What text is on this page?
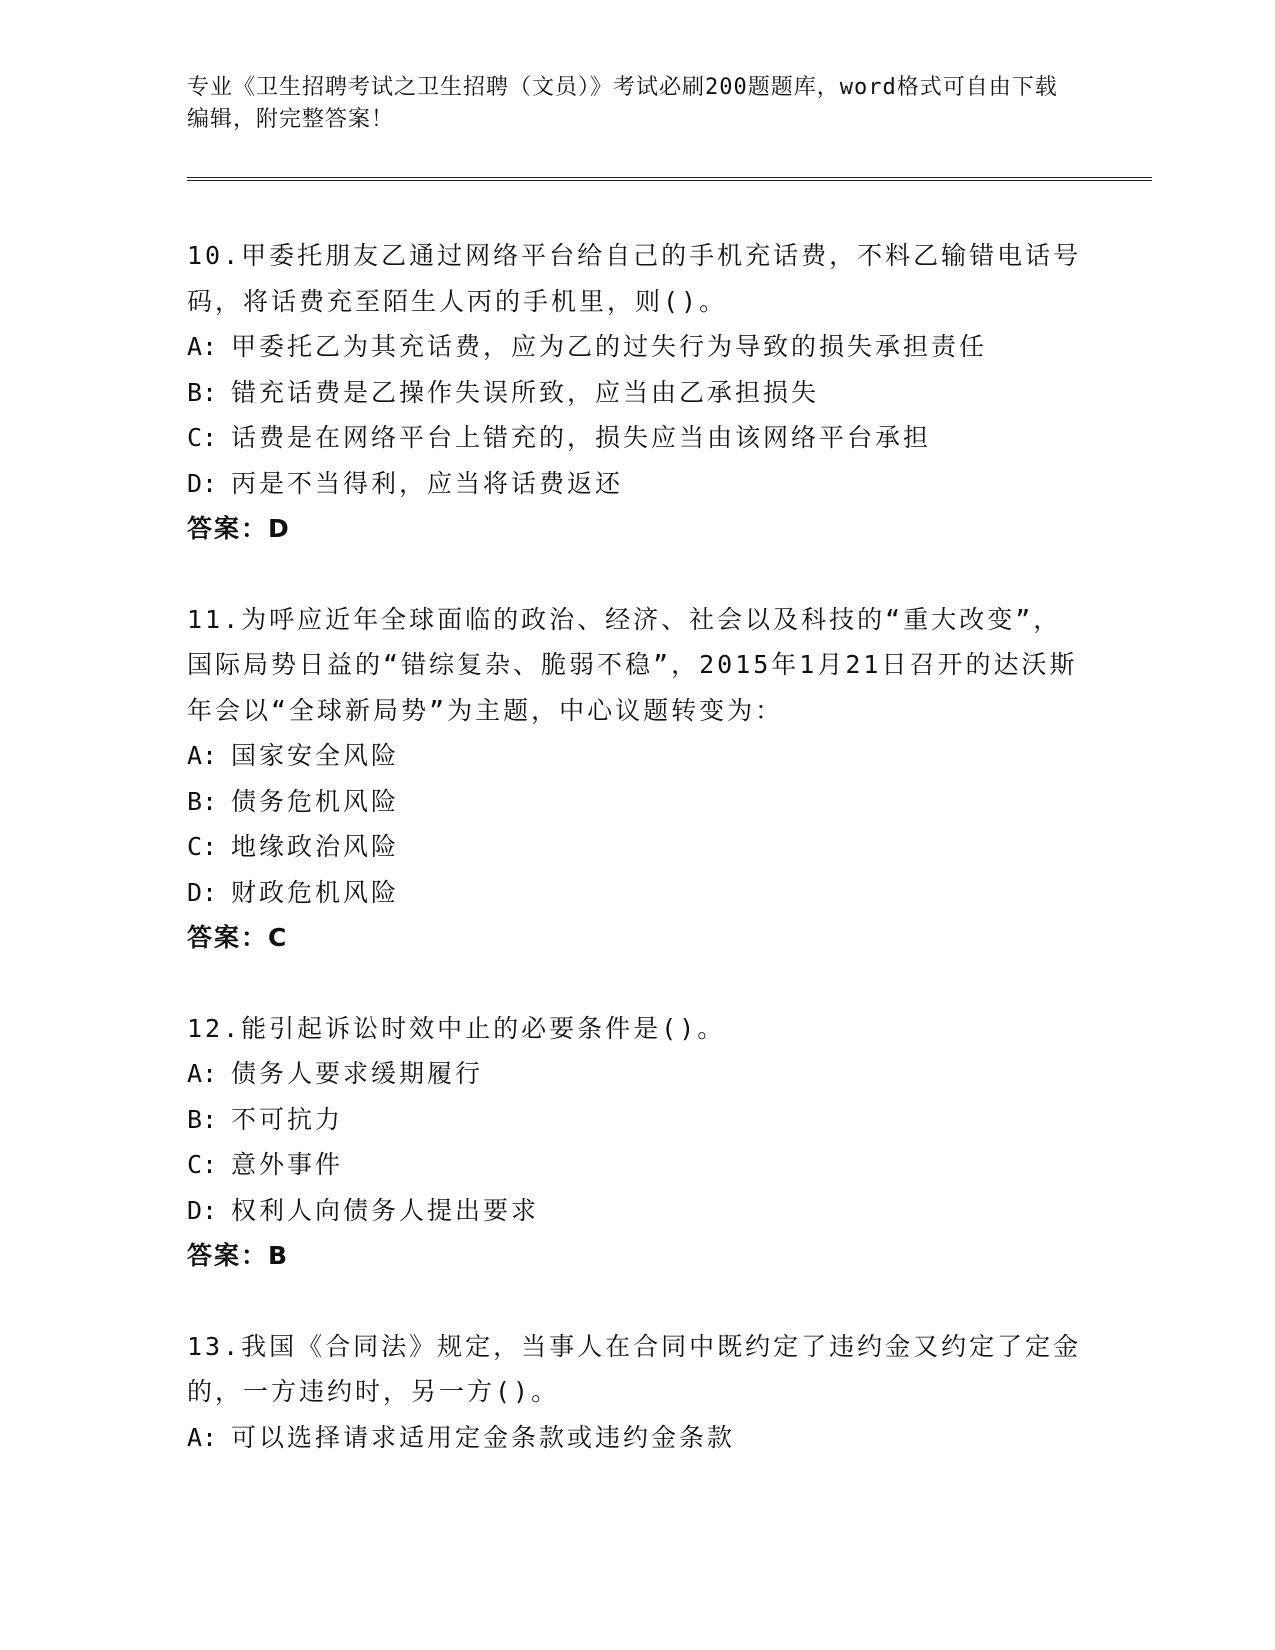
专业《卫生招聘考试之卫生招聘（文员）》考试必刷200题题库，word格式可自由下载编辑，附完整答案！

10.甲委托朋友乙通过网络平台给自己的手机充话费，不料乙输错电话号码，将话费充至陌生人丙的手机里，则()。

A: 甲委托乙为其充话费，应为乙的过失行为导致的损失承担责任

B: 错充话费是乙操作失误所致，应当由乙承担损失

C: 话费是在网络平台上错充的，损失应当由该网络平台承担

D: 丙是不当得利，应当将话费返还

答案：D

11.为呼应近年全球面临的政治、经济、社会以及科技的“重大改变”，国际局势日益的“错综复杂、脆弱不稳”，2015年1月21日召开的达沃斯年会以“全球新局势”为主题，中心议题转变为：

A: 国家安全风险

B: 债务危机风险

C: 地缘政治风险

D: 财政危机风险

答案：C

12.能引起诉讼时效中止的必要条件是()。

A: 债务人要求缓期履行

B: 不可抗力

C: 意外事件

D: 权利人向债务人提出要求

答案：B

13.我国《合同法》规定，当事人在合同中既约定了违约金又约定了定金的，一方违约时，另一方()。

A: 可以选择请求适用定金条款或违约金条款
